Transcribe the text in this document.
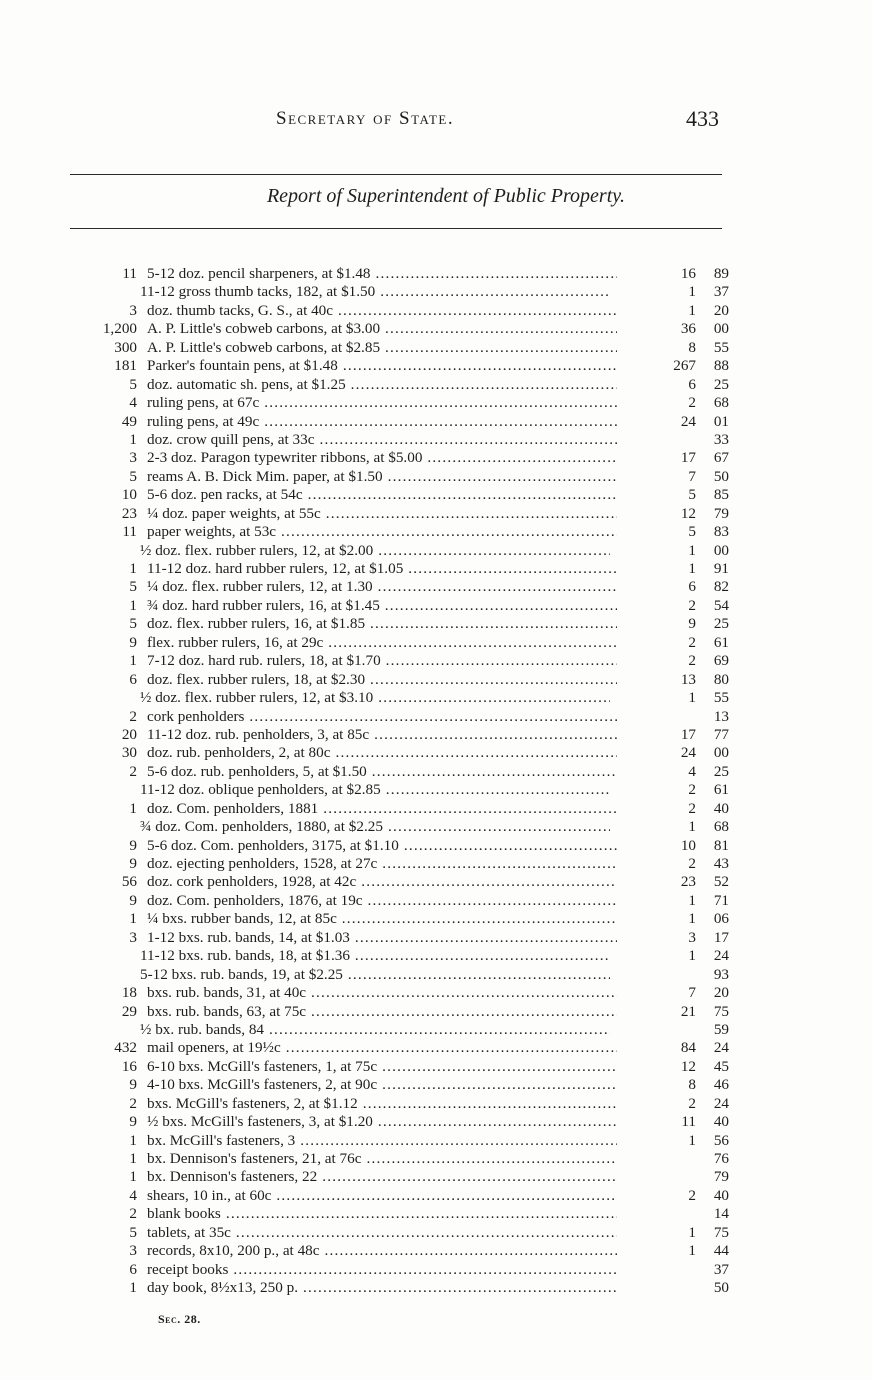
Secretary of State.	433
Report of Superintendent of Public Property.
11 5-12 doz. pencil sharpeners, at $1.48 .....	16 89
11-12 gross thumb tacks, 182, at $1.50 .....	1 37
3 doz. thumb tacks, G. S., at 40c .....	1 20
1,200 A. P. Little's cobweb carbons, at $3.00 .....	36 00
300 A. P. Little's cobweb carbons, at $2.85 .....	8 55
181 Parker's fountain pens, at $1.48 .....	267 88
5 doz. automatic sh. pens, at $1.25 .....	6 25
4 ruling pens, at 67c .....	2 68
49 ruling pens, at 49c .....	24 01
1 doz. crow quill pens, at 33c .....	33
3 2-3 doz. Paragon typewriter ribbons, at $5.00 .....	17 67
5 reams A. B. Dick Mim. paper, at $1.50 .....	7 50
10 5-6 doz. pen racks, at 54c .....	5 85
23 ¼ doz. paper weights, at 55c .....	12 79
11 paper weights, at 53c .....	5 83
½ doz. flex. rubber rulers, 12, at $2.00 .....	1 00
1 11-12 doz. hard rubber rulers, 12, at $1.05 .....	1 91
5 ¼ doz. flex. rubber rulers, 12, at 1.30 .....	6 82
1 ¾ doz. hard rubber rulers, 16, at $1.45 .....	2 54
5 doz. flex. rubber rulers, 16, at $1.85 .....	9 25
9 flex. rubber rulers, 16, at 29c .....	2 61
1 7-12 doz. hard rub. rulers, 18, at $1.70 .....	2 69
6 doz. flex. rubber rulers, 18, at $2.30 .....	13 80
½ doz. flex. rubber rulers, 12, at $3.10 .....	1 55
2 cork penholders .....	13
20 11-12 doz. rub. penholders, 3, at 85c .....	17 77
30 doz. rub. penholders, 2, at 80c .....	24 00
2 5-6 doz. rub. penholders, 5, at $1.50 .....	4 25
11-12 doz. oblique penholders, at $2.85 .....	2 61
1 doz. Com. penholders, 1881 .....	2 40
¾ doz. Com. penholders, 1880, at $2.25 .....	1 68
9 5-6 doz. Com. penholders, 3175, at $1.10 .....	10 81
9 doz. ejecting penholders, 1528, at 27c .....	2 43
56 doz. cork penholders, 1928, at 42c .....	23 52
9 doz. Com. penholders, 1876, at 19c .....	1 71
1 ¼ bxs. rubber bands, 12, at 85c .....	1 06
3 1-12 bxs. rub. bands, 14, at $1.03 .....	3 17
11-12 bxs. rub. bands, 18, at $1.36 .....	1 24
5-12 bxs. rub. bands, 19, at $2.25 .....	93
18 bxs. rub. bands, 31, at 40c .....	7 20
29 bxs. rub. bands, 63, at 75c .....	21 75
½ bx. rub. bands, 84 .....	59
432 mail openers, at 19½c .....	84 24
16 6-10 bxs. McGill's fasteners, 1, at 75c .....	12 45
9 4-10 bxs. McGill's fasteners, 2, at 90c .....	8 46
2 bxs. McGill's fasteners, 2, at $1.12 .....	2 24
9 ½ bxs. McGill's fasteners, 3, at $1.20 .....	11 40
1 bx. McGill's fasteners, 3 .....	1 56
1 bx. Dennison's fasteners, 21, at 76c .....	76
1 bx. Dennison's fasteners, 22 .....	79
4 shears, 10 in., at 60c .....	2 40
2 blank books .....	14
5 tablets, at 35c .....	1 75
3 records, 8x10, 200 p., at 48c .....	1 44
6 receipt books .....	37
1 day book, 8½x13, 250 p. .....	50
Sec. 28.
